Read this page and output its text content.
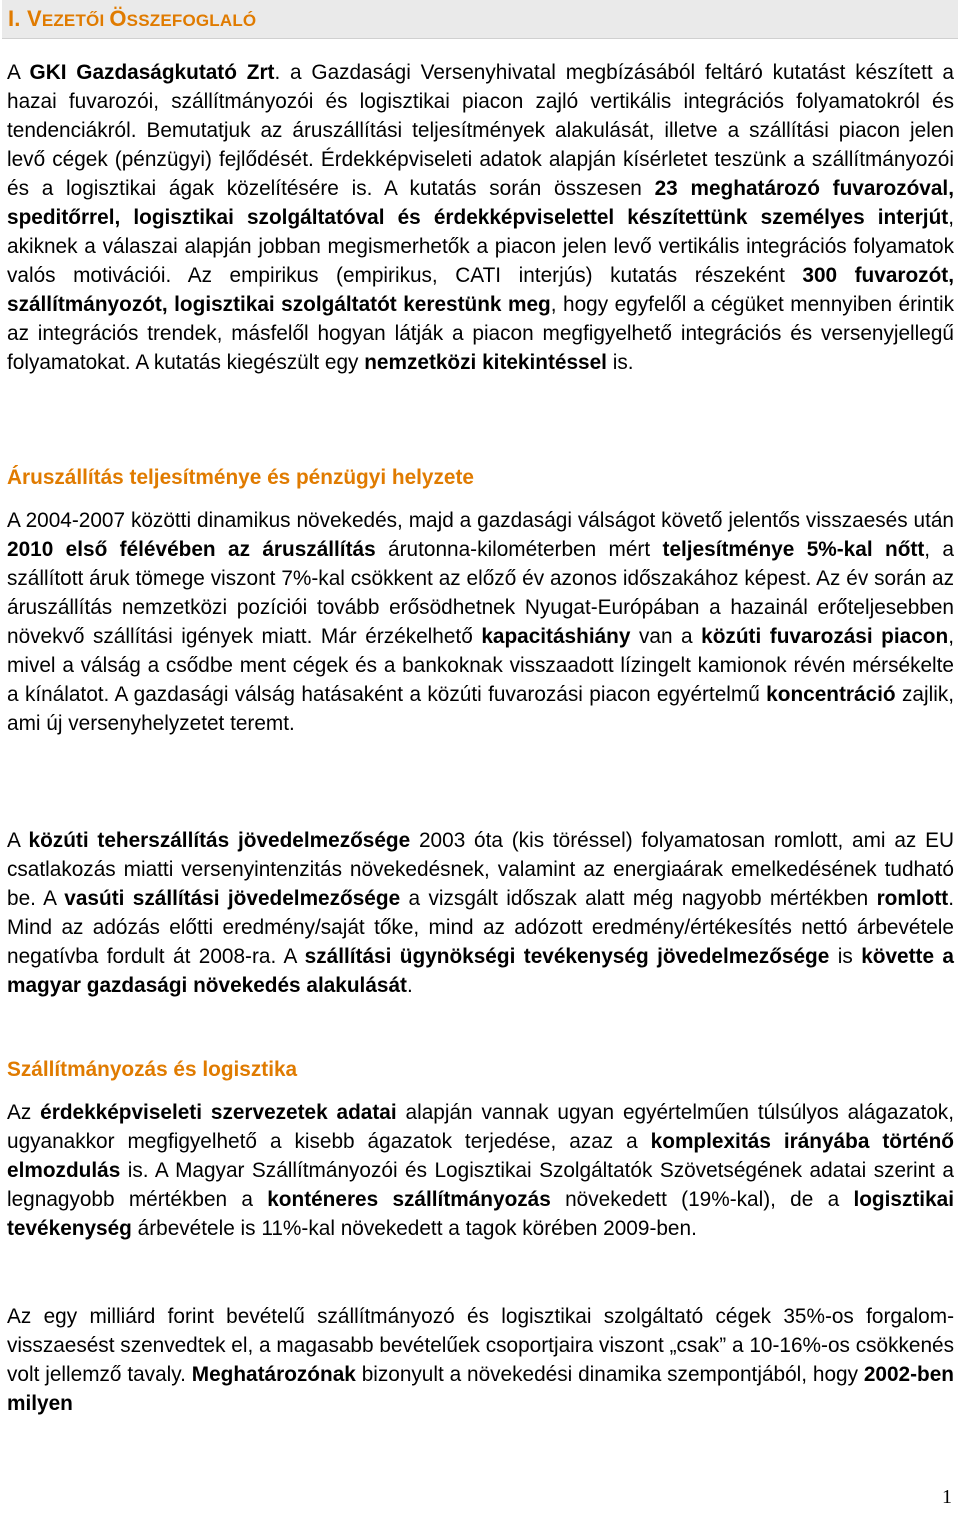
I. VEZETŐI ÖSSZEFOGLALÓ

A GKI Gazdaságkutató Zrt. a Gazdasági Versenyhivatal megbízásából feltáró kutatást készített a hazai fuvarozói, szállítmányozói és logisztikai piacon zajló vertikális integrációs folyamatokról és tendenciákról. Bemutatjuk az áruszállítási teljesítmények alakulását, illetve a szállítási piacon jelen levő cégek (pénzügyi) fejlődését. Érdekképviseleti adatok alapján kísérletet teszünk a szállítmányozói és a logisztikai ágak közelítésére is. A kutatás során összesen 23 meghatározó fuvarozóval, speditőrrel, logisztikai szolgáltatóval és érdekképviselettel készítettünk személyes interjút, akiknek a válaszai alapján jobban megismerhetők a piacon jelen levő vertikális integrációs folyamatok valós motivációi. Az empirikus (empirikus, CATI interjús) kutatás részeként 300 fuvarozót, szállítmányozót, logisztikai szolgáltatót kerestünk meg, hogy egyfelől a cégüket mennyiben érintik az integrációs trendek, másfelől hogyan látják a piacon megfigyelhető integrációs és versenyjellegű folyamatokat. A kutatás kiegészült egy nemzetközi kitekintéssel is.

Áruszállítás teljesítménye és pénzügyi helyzete

A 2004-2007 közötti dinamikus növekedés, majd a gazdasági válságot követő jelentős visszaesés után 2010 első félévében az áruszállítás árutonna-kilométerben mért teljesítménye 5%-kal nőtt, a szállított áruk tömege viszont 7%-kal csökkent az előző év azonos időszakához képest. Az év során az áruszállítás nemzetközi pozíciói tovább erősödhetnek Nyugat-Európában a hazainál erőteljesebben növekvő szállítási igények miatt. Már érzékelhető kapacitáshiány van a közúti fuvarozási piacon, mivel a válság a csődbe ment cégek és a bankoknak visszaadott lízingelt kamionok révén mérsékelte a kínálatot. A gazdasági válság hatásaként a közúti fuvarozási piacon egyértelmű koncentráció zajlik, ami új versenyhelyzetet teremt.

A közúti teherszállítás jövedelmezősége 2003 óta (kis töréssel) folyamatosan romlott, ami az EU csatlakozás miatti versenyintenzitás növekedésnek, valamint az energiaárak emelkedésének tudható be. A vasúti szállítási jövedelmezősége a vizsgált időszak alatt még nagyobb mértékben romlott. Mind az adózás előtti eredmény/saját tőke, mind az adózott eredmény/értékesítés nettó árbevétele negatívba fordult át 2008-ra. A szállítási ügynökségi tevékenység jövedelmezősége is követte a magyar gazdasági növekedés alakulását.

Szállítmányozás és logisztika

Az érdekképviseleti szervezetek adatai alapján vannak ugyan egyértelműen túlsúlyos alágazatok, ugyanakkor megfigyelhető a kisebb ágazatok terjedése, azaz a komplexitás irányába történő elmozdulás is. A Magyar Szállítmányozói és Logisztikai Szolgáltatók Szövetségének adatai szerint a legnagyobb mértékben a konténeres szállítmányozás növekedett (19%-kal), de a logisztikai tevékenység árbevétele is 11%-kal növekedett a tagok körében 2009-ben.

Az egy milliárd forint bevételű szállítmányozó és logisztikai szolgáltató cégek 35%-os forgalom-visszaesést szenvedtek el, a magasabb bevételűek csoportjaira viszont „csak” a 10-16%-os csökkenés volt jellemző tavaly. Meghatározónak bizonyult a növekedési dinamika szempontjából, hogy 2002-ben milyen

1
